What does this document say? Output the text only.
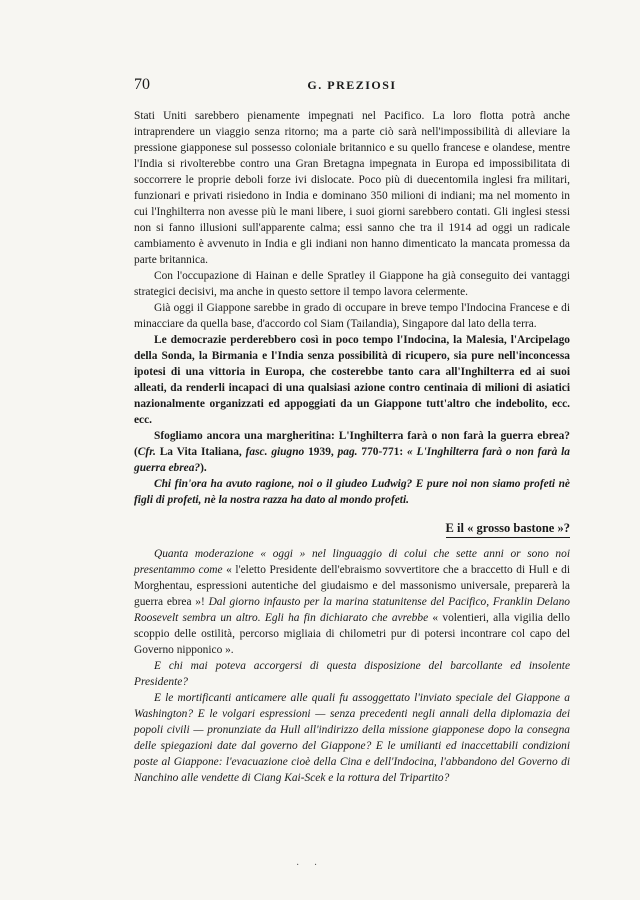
70	G. PREZIOSI

Stati Uniti sarebbero pienamente impegnati nel Pacifico. La loro flotta potrà anche intraprendere un viaggio senza ritorno; ma a parte ciò sarà nell'impossibilità di alleviare la pressione giapponese sul possesso coloniale britannico e su quello francese e olandese, mentre l'India si rivolterebbe contro una Gran Bretagna impegnata in Europa ed impossibilitata di soccorrere le proprie deboli forze ivi dislocate. Poco più di duecentomila inglesi fra militari, funzionari e privati risiedono in India e dominano 350 milioni di indiani; ma nel momento in cui l'Inghilterra non avesse più le mani libere, i suoi giorni sarebbero contati. Gli inglesi stessi non si fanno illusioni sull'apparente calma; essi sanno che tra il 1914 ad oggi un radicale cambiamento è avvenuto in India e gli indiani non hanno dimenticato la mancata promessa da parte britannica.

Con l'occupazione di Hainan e delle Spratley il Giappone ha già conseguito dei vantaggi strategici decisivi, ma anche in questo settore il tempo lavora celermente.

Già oggi il Giappone sarebbe in grado di occupare in breve tempo l'Indocina Francese e di minacciare da quella base, d'accordo col Siam (Tailandia), Singapore dal lato della terra.

Le democrazie perderebbero così in poco tempo l'Indocina, la Malesia, l'Arcipelago della Sonda, la Birmania e l'India senza possibilità di ricupero, sia pure nell'inconcessa ipotesi di una vittoria in Europa, che costerebbe tanto cara all'Inghilterra ed ai suoi alleati, da renderli incapaci di una qualsiasi azione contro centinaia di milioni di asiatici nazionalmente organizzati ed appoggiati da un Giappone tutt'altro che indebolito, ecc. ecc.

Sfogliamo ancora una margheritina: L'Inghilterra farà o non farà la guerra ebrea? (Cfr. La Vita Italiana, fasc. giugno 1939, pag. 770-771: « L'Inghilterra farà o non farà la guerra ebrea?).

Chi fin'ora ha avuto ragione, noi o il giudeo Ludwig? E pure noi non siamo profeti nè figli di profeti, nè la nostra razza ha dato al mondo profeti.

E il « grosso bastone »?

Quanta moderazione « oggi » nel linguaggio di colui che sette anni or sono noi presentammo come « l'eletto Presidente dell'ebraismo sovvertitore che a braccetto di Hull e di Morghentau, espressioni autentiche del giudaismo e del massonismo universale, preparerà la guerra ebrea »! Dal giorno infausto per la marina statunitense del Pacifico, Franklin Delano Roosevelt sembra un altro. Egli ha fin dichiarato che avrebbe « volentieri, alla vigilia dello scoppio delle ostilità, percorso migliaia di chilometri pur di potersi incontrare col capo del Governo nipponico ».

E chi mai poteva accorgersi di questa disposizione del barcollante ed insolente Presidente?

E le mortificanti anticamere alle quali fu assoggettato l'inviato speciale del Giappone a Washington? E le volgari espressioni — senza precedenti negli annali della diplomazia dei popoli civili — pronunziate da Hull all'indirizzo della missione giapponese dopo la consegna delle spiegazioni date dal governo del Giappone? E le umilianti ed inaccettabili condizioni poste al Giappone: l'evacuazione cioè della Cina e dell'Indocina, l'abbandono del Governo di Nanchino alle vendette di Ciang Kai-Scek e la rottura del Tripartito?

· ·
